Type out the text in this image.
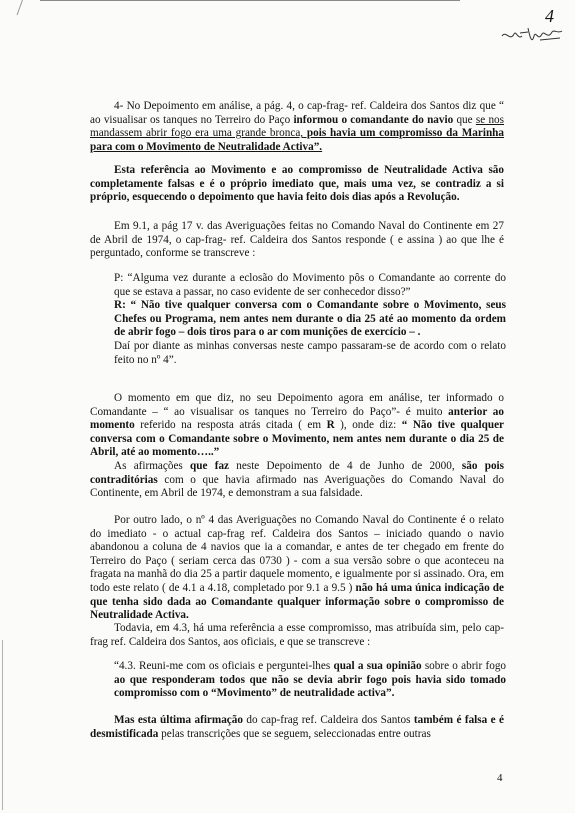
4

4- No Depoimento em análise, a pág. 4, o cap-frag- ref. Caldeira dos Santos diz que “ ao visualisar os tanques no Terreiro do Paço informou o comandante do navio que se nos mandassem abrir fogo era uma grande bronca, pois havia um compromisso da Marinha para com o Movimento de Neutralidade Activa”.

Esta referência ao Movimento e ao compromisso de Neutralidade Activa são completamente falsas e é o próprio imediato que, mais uma vez, se contradiz a si próprio, esquecendo o depoimento que havia feito dois dias após a Revolução.

Em 9.1, a pág 17 v. das Averiguações feitas no Comando Naval do Continente em 27 de Abril de 1974, o cap-frag- ref. Caldeira dos Santos responde ( e assina ) ao que lhe é perguntado, conforme se transcreve :

P: “Alguma vez durante a eclosão do Movimento pôs o Comandante ao corrente do que se estava a passar, no caso evidente de ser conhecedor disso?”

R: “ Não tive qualquer conversa com o Comandante sobre o Movimento, seus Chefes ou Programa, nem antes nem durante o dia 25 até ao momento da ordem de abrir fogo – dois tiros para o ar com munições de exercício – .

Daí por diante as minhas conversas neste campo passaram-se de acordo com o relato feito no nº 4”.

O momento em que diz, no seu Depoimento agora em análise, ter informado o Comandante – “ ao visualisar os tanques no Terreiro do Paço”- é muito anterior ao momento referido na resposta atrás citada ( em R ), onde diz: “ Não tive qualquer conversa com o Comandante sobre o Movimento, nem antes nem durante o dia 25 de Abril, até ao momento…..”

As afirmações que faz neste Depoimento de 4 de Junho de 2000, são pois contraditórias com o que havia afirmado nas Averiguações do Comando Naval do Continente, em Abril de 1974, e demonstram a sua falsidade.

Por outro lado, o nº 4 das Averiguações no Comando Naval do Continente é o relato do imediato - o actual cap-frag ref. Caldeira dos Santos – iniciado quando o navio abandonou a coluna de 4 navios que ia a comandar, e antes de ter chegado em frente do Terreiro do Paço ( seriam cerca das 0730 ) - com a sua versão sobre o que aconteceu na fragata na manhã do dia 25 a partir daquele momento, e igualmente por si assinado. Ora, em todo este relato ( de 4.1 a 4.18, completado por 9.1 a 9.5 ) não há uma única indicação de que tenha sido dada ao Comandante qualquer informação sobre o compromisso de Neutralidade Activa.

Todavia, em 4.3, há uma referência a esse compromisso, mas atribuída sim, pelo cap-frag ref. Caldeira dos Santos, aos oficiais, e que se transcreve :

“4.3. Reuni-me com os oficiais e perguntei-lhes qual a sua opinião sobre o abrir fogo ao que responderam todos que não se devia abrir fogo pois havia sido tomado compromisso com o “Movimento” de neutralidade activa”.

Mas esta última afirmação do cap-frag ref. Caldeira dos Santos também é falsa e é desmistificada pelas transcrições que se seguem, seleccionadas entre outras

4
